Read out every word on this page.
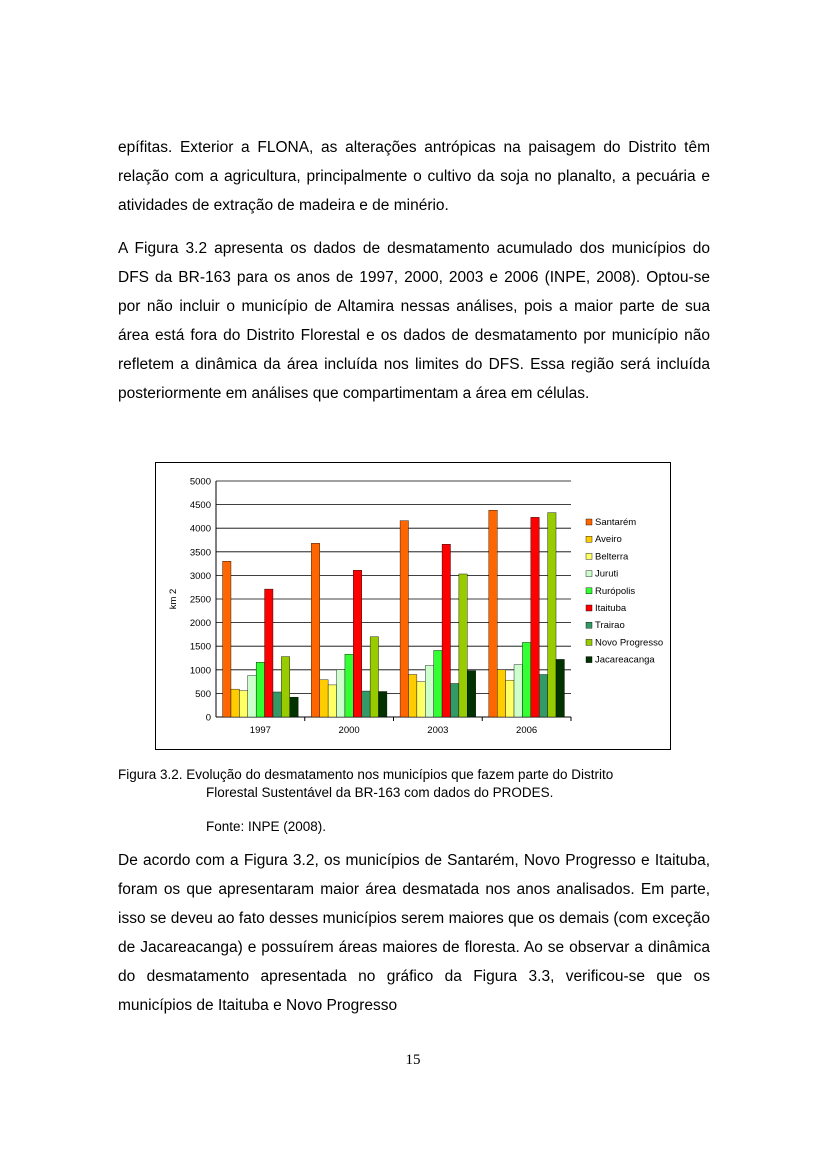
epífitas. Exterior a FLONA, as alterações antrópicas na paisagem do Distrito têm relação com a agricultura, principalmente o cultivo da soja no planalto, a pecuária e atividades de extração de madeira e de minério.

A Figura 3.2 apresenta os dados de desmatamento acumulado dos municípios do DFS da BR-163 para os anos de 1997, 2000, 2003 e 2006 (INPE, 2008). Optou-se por não incluir o município de Altamira nessas análises, pois a maior parte de sua área está fora do Distrito Florestal e os dados de desmatamento por município não refletem a dinâmica da área incluída nos limites do DFS. Essa região será incluída posteriormente em análises que compartimentam a área em células.

0
500
1000
1500
2000
2500
3000
3500
4000
4500
5000
km 2
1997	2000	2003	2006
Santarém
Aveiro
Belterra
Juruti
Rurópolis
Itaituba
Trairao
Novo Progresso
Jacareacanga

Figura 3.2. Evolução do desmatamento nos municípios que fazem parte do Distrito

Florestal Sustentável da BR-163 com dados do PRODES.

Fonte: INPE (2008).

De acordo com a Figura 3.2, os municípios de Santarém, Novo Progresso e Itaituba, foram os que apresentaram maior área desmatada nos anos analisados. Em parte, isso se deveu ao fato desses municípios serem maiores que os demais (com exceção de Jacareacanga) e possuírem áreas maiores de floresta. Ao se observar a dinâmica do desmatamento apresentada no gráfico da Figura 3.3, verificou-se que os municípios de Itaituba e Novo Progresso

15
